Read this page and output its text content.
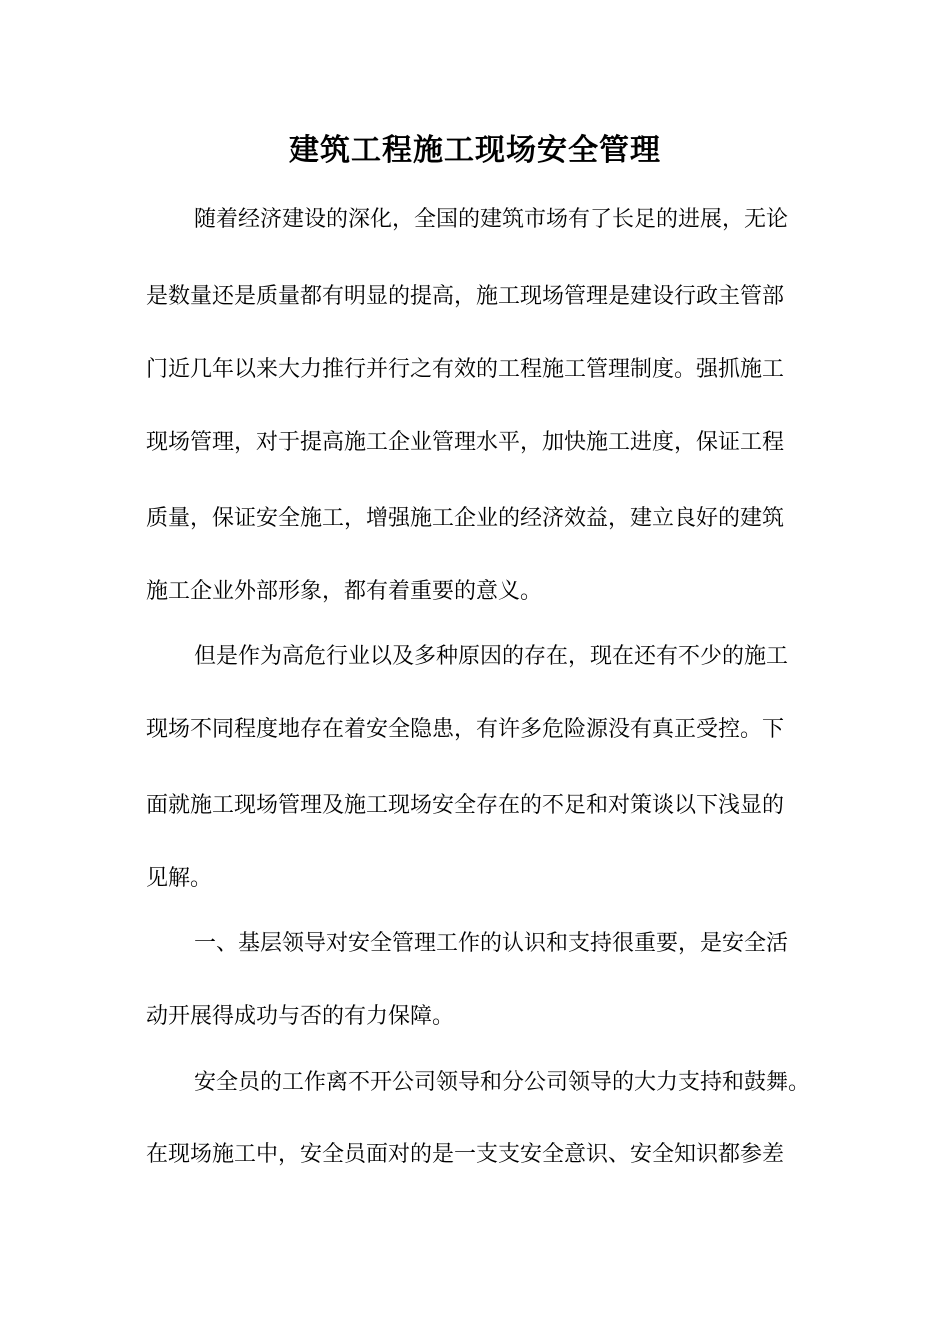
建筑工程施工现场安全管理

随着经济建设的深化，全国的建筑市场有了长足的进展，无论

是数量还是质量都有明显的提高，施工现场管理是建设行政主管部

门近几年以来大力推行并行之有效的工程施工管理制度。强抓施工

现场管理，对于提高施工企业管理水平，加快施工进度，保证工程

质量，保证安全施工，增强施工企业的经济效益，建立良好的建筑

施工企业外部形象，都有着重要的意义。

但是作为高危行业以及多种原因的存在，现在还有不少的施工

现场不同程度地存在着安全隐患，有许多危险源没有真正受控。下

面就施工现场管理及施工现场安全存在的不足和对策谈以下浅显的

见解。

一、基层领导对安全管理工作的认识和支持很重要，是安全活

动开展得成功与否的有力保障。

安全员的工作离不开公司领导和分公司领导的大力支持和鼓舞。

在现场施工中，安全员面对的是一支支安全意识、安全知识都参差
